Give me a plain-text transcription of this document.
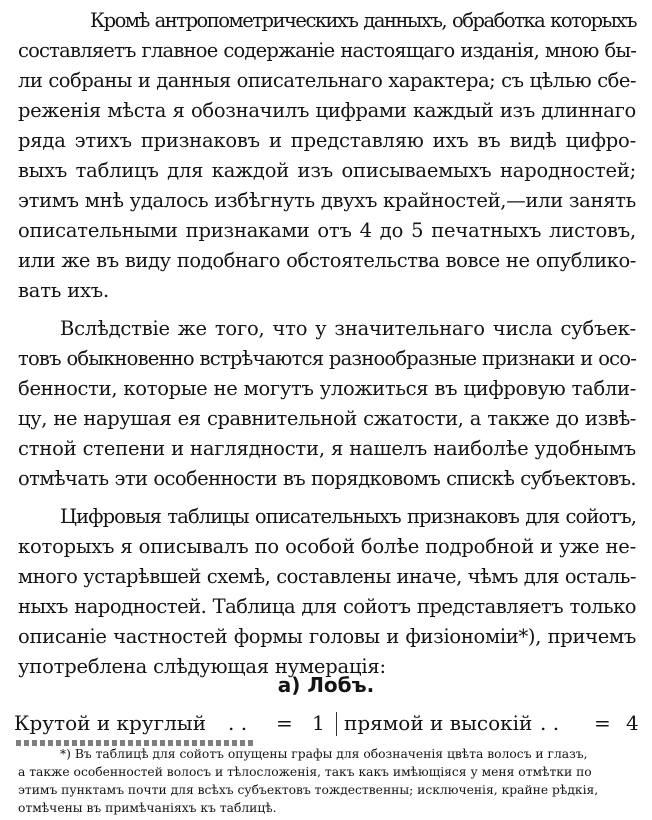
Кромѣ антропометрическихъ данныхъ, обработка которыхъ
составляетъ главное содержаніе настоящаго изданія, мною бы-
ли собраны и данныя описательнаго характера; съ цѣлью сбе-
реженія мѣста я обозначилъ цифрами каждый изъ длиннаго
ряда этихъ признаковъ и представляю ихъ въ видѣ цифро-
выхъ таблицъ для каждой изъ описываемыхъ народностей;
этимъ мнѣ удалось избѣгнуть двухъ крайностей,—или занять
описательными признаками отъ 4 до 5 печатныхъ листовъ,
или же въ виду подобнаго обстоятельства вовсе не опублико-
вать ихъ.
Вслѣдствіе же того, что у значительнаго числа субъек-
товъ обыкновенно встрѣчаются разнообразные признаки и осо-
бенности, которые не могутъ уложиться въ цифровую табли-
цу, не нарушая ея сравнительной сжатости, а также до извѣ-
стной степени и наглядности, я нашелъ наиболѣе удобнымъ
отмѣчать эти особенности въ порядковомъ спискѣ субъектовъ.
Цифровыя таблицы описательныхъ признаковъ для сойотъ,
которыхъ я описывалъ по особой болѣе подробной и уже не-
много устарѣвшей схемѣ, составлены иначе, чѣмъ для осталь-
ныхъ народностей. Таблица для сойотъ представляетъ только
описаніе частностей формы головы и физіономіи*), причемъ
употреблена слѣдующая нумерація:
а) Лобъ.
Крутой и круглый . . = 1 прямой и высокій . . = 4
*) Въ таблицѣ для сойотъ опущены графы для обозначенія цвѣта волосъ и глазъ,
а также особенностей волосъ и тѣлосложенія, такъ какъ имѣющіяся у меня отмѣтки по
этимъ пунктамъ почти для всѣхъ субъектовъ тождественны; исключенія, крайне рѣдкія,
отмѣчены въ примѣчаніяхъ къ таблицѣ.
